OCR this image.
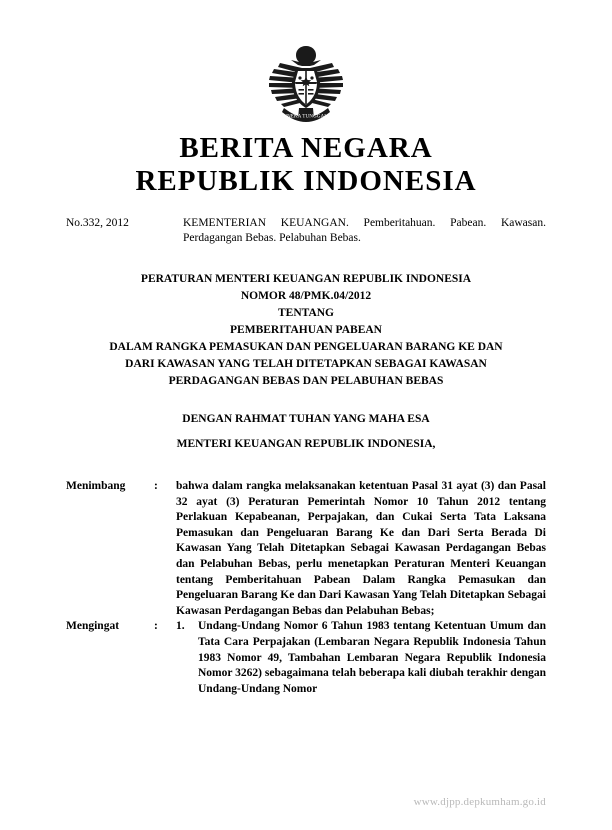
BHINNEKA TUNGGAL IKA
BERITA NEGARA
REPUBLIK INDONESIA
No.332, 2012	KEMENTERIAN KEUANGAN. Pemberitahuan. Pabean. Kawasan. Perdagangan Bebas. Pelabuhan Bebas.
PERATURAN MENTERI KEUANGAN REPUBLIK INDONESIA
NOMOR 48/PMK.04/2012
TENTANG
PEMBERITAHUAN PABEAN
DALAM RANGKA PEMASUKAN DAN PENGELUARAN BARANG KE DAN
DARI KAWASAN YANG TELAH DITETAPKAN SEBAGAI KAWASAN
PERDAGANGAN BEBAS DAN PELABUHAN BEBAS
DENGAN RAHMAT TUHAN YANG MAHA ESA
MENTERI KEUANGAN REPUBLIK INDONESIA,
Menimbang	:	bahwa dalam rangka melaksanakan ketentuan Pasal 31 ayat (3) dan Pasal 32 ayat (3) Peraturan Pemerintah Nomor 10 Tahun 2012 tentang Perlakuan Kepabeanan, Perpajakan, dan Cukai Serta Tata Laksana Pemasukan dan Pengeluaran Barang Ke dan Dari Serta Berada Di Kawasan Yang Telah Ditetapkan Sebagai Kawasan Perdagangan Bebas dan Pelabuhan Bebas, perlu menetapkan Peraturan Menteri Keuangan tentang Pemberitahuan Pabean Dalam Rangka Pemasukan dan Pengeluaran Barang Ke dan Dari Kawasan Yang Telah Ditetapkan Sebagai Kawasan Perdagangan Bebas dan Pelabuhan Bebas;
Mengingat	:	1.	Undang-Undang Nomor 6 Tahun 1983 tentang Ketentuan Umum dan Tata Cara Perpajakan (Lembaran Negara Republik Indonesia Tahun 1983 Nomor 49, Tambahan Lembaran Negara Republik Indonesia Nomor 3262) sebagaimana telah beberapa kali diubah terakhir dengan Undang-Undang Nomor
www.djpp.depkumham.go.id
